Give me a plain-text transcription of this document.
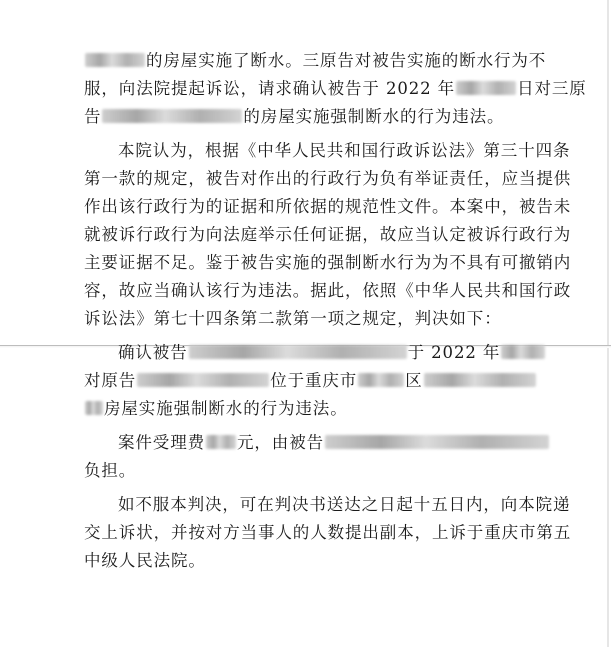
的房屋实施了断水。三原告对被告实施的断水行为不
服，向法院提起诉讼，请求确认被告于 2022 年	日对三原
告	的房屋实施强制断水的行为违法。
本院认为，根据《中华人民共和国行政诉讼法》第三十四条
第一款的规定，被告对作出的行政行为负有举证责任，应当提供
作出该行政行为的证据和所依据的规范性文件。本案中，被告未
就被诉行政行为向法庭举示任何证据，故应当认定被诉行政行为
主要证据不足。鉴于被告实施的强制断水行为为不具有可撤销内
容，故应当确认该行为违法。据此，依照《中华人民共和国行政
诉讼法》第七十四条第二款第一项之规定，判决如下：
确认被告	于 2022 年
对原告	位于重庆市	区
房屋实施强制断水的行为违法。
案件受理费 元，由被告
负担。
如不服本判决，可在判决书送达之日起十五日内，向本院递
交上诉状，并按对方当事人的人数提出副本，上诉于重庆市第五
中级人民法院。
